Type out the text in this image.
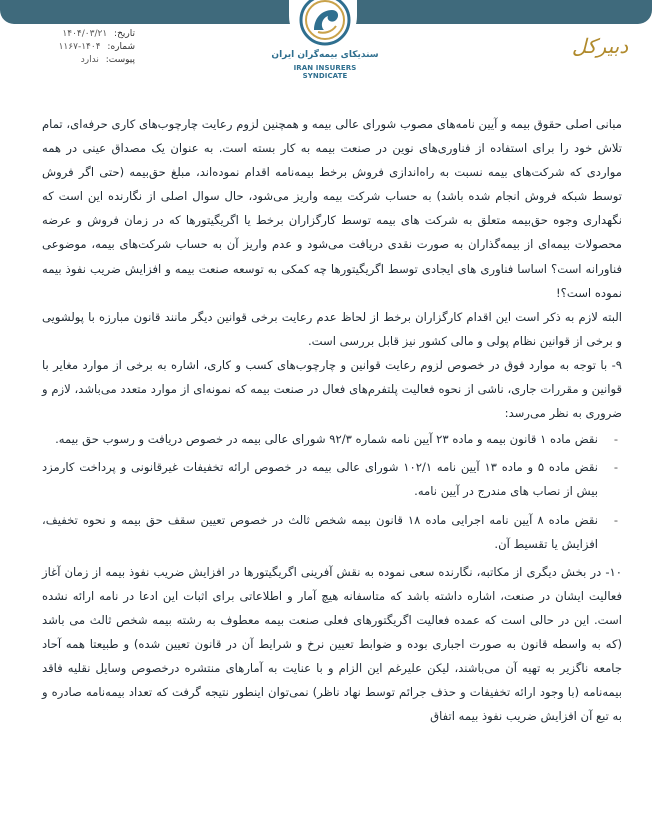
سندیکای بیمه‌گران ایران
IRAN INSURERS SYNDICATE
تاریخ: ۱۴۰۴/۰۳/۲۱
شماره: ۱۴۰۴-۱۱۶۷
پیوست: ندارد
دبیرکل

مبانی اصلی حقوق بیمه و آیین نامه‌های مصوب شورای عالی بیمه و همچنین لزوم رعایت چارچوب‌های کاری حرفه‌ای، تمام تلاش خود را برای استفاده از فناوری‌های نوین در صنعت بیمه به کار بسته است. به عنوان یک مصداق عینی در همه مواردی که شرکت‌های بیمه نسبت به راه‌اندازی فروش برخط بیمه‌نامه اقدام نموده‌اند، مبلغ حق‌بیمه (حتی اگر فروش توسط شبکه فروش انجام شده باشد) به حساب شرکت بیمه واریز می‌شود، حال سوال اصلی از نگارنده این است که نگهداری وجوه حق‌بیمه متعلق به شرکت های بیمه توسط کارگزاران برخط یا اگریگیتورها که در زمان فروش و عرضه محصولات بیمه‌ای از بیمه‌گذاران به صورت نقدی دریافت می‌شود و عدم واریز آن به حساب شرکت‌های بیمه، موضوعی فناورانه است؟ اساسا فناوری های ایجادی توسط اگریگیتورها چه کمکی به توسعه صنعت بیمه و افزایش ضریب نفوذ بیمه نموده است؟!

البته لازم به ذکر است این اقدام کارگزاران برخط از لحاظ عدم رعایت برخی قوانین دیگر مانند قانون مبارزه با پولشویی و برخی از قوانین نظام پولی و مالی کشور نیز قابل بررسی است.

۹- با توجه به موارد فوق در خصوص لزوم رعایت قوانین و چارچوب‌های کسب و کاری، اشاره به برخی از موارد مغایر با قوانین و مقررات جاری، ناشی از نحوه فعالیت پلتفرم‌های فعال در صنعت بیمه که نمونه‌ای از موارد متعدد می‌باشد، لازم و ضروری به نظر می‌رسد:

-
نقض ماده ۱ قانون بیمه و ماده ۲۳ آیین نامه شماره ۹۲/۳ شورای عالی بیمه در خصوص دریافت و رسوب حق بیمه.
-
نقض ماده ۵ و ماده ۱۳ آیین نامه ۱۰۲/۱ شورای عالی بیمه در خصوص ارائه تخفیفات غیرقانونی و پرداخت کارمزد بیش از نصاب های مندرج در آیین نامه.
-
نقض ماده ۸ آیین نامه اجرایی ماده ۱۸ قانون بیمه شخص ثالث در خصوص تعیین سقف حق بیمه و نحوه تخفیف، افزایش یا تقسیط آن.

۱۰- در بخش دیگری از مکاتبه، نگارنده سعی نموده به نقش آفرینی اگریگیتورها در افزایش ضریب نفوذ بیمه از زمان آغاز فعالیت ایشان در صنعت، اشاره داشته باشد که متاسفانه هیچ آمار و اطلاعاتی برای اثبات این ادعا در نامه ارائه نشده است. این در حالی است که عمده فعالیت اگریگتورهای فعلی صنعت بیمه معطوف به رشته بیمه شخص ثالث می باشد (که به واسطه قانون به صورت اجباری بوده و ضوابط تعیین نرخ و شرایط آن در قانون تعیین شده) و طبیعتا همه آحاد جامعه ناگزیر به تهیه آن می‌باشند، لیکن علیرغم این الزام و با عنایت به آمارهای منتشره درخصوص وسایل نقلیه فاقد بیمه‌نامه (با وجود ارائه تخفیفات و حذف جرائم توسط نهاد ناظر) نمی‌توان اینطور نتیجه گرفت که تعداد بیمه‌نامه صادره و به تبع آن افزایش ضریب نفوذ بیمه اتفاق
